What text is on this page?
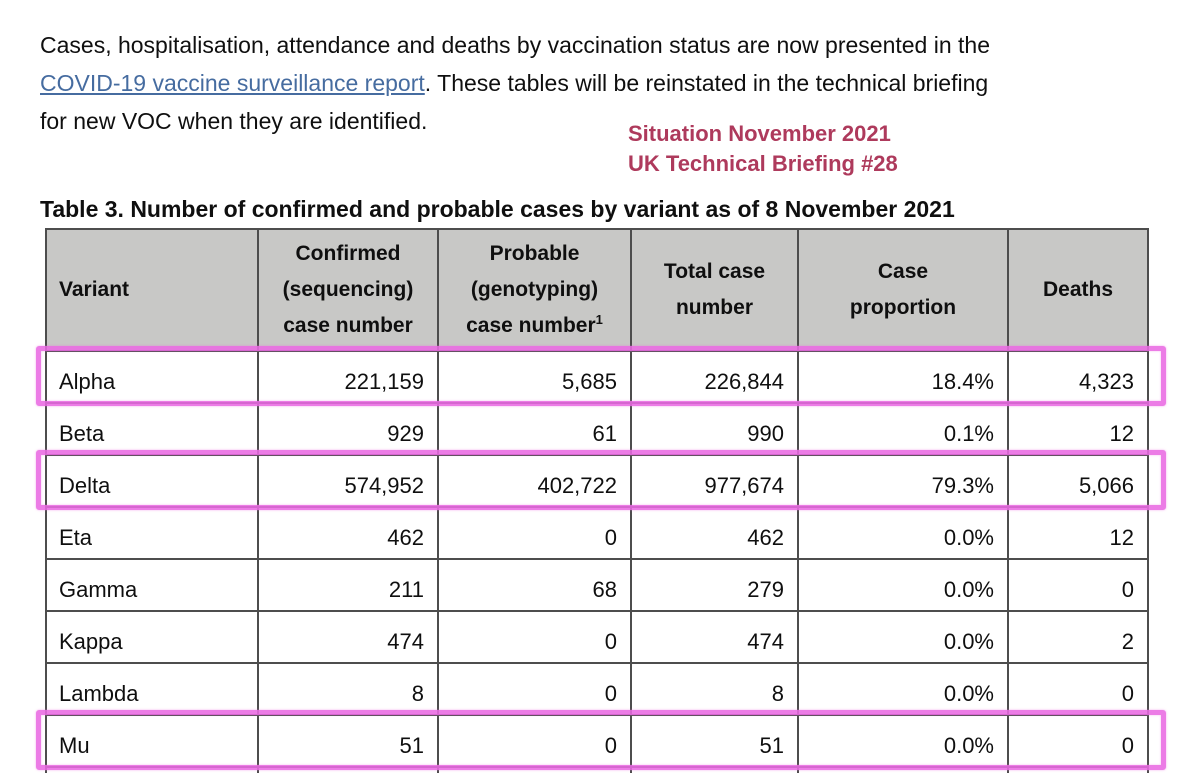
Cases, hospitalisation, attendance and deaths by vaccination status are now presented in the
COVID-19 vaccine surveillance report. These tables will be reinstated in the technical briefing
for new VOC when they are identified.	Situation November 2021
UK Technical Briefing #28
Table 3. Number of confirmed and probable cases by variant as of 8 November 2021
Variant

Confirmed
(sequencing)
case number

Probable
(genotyping)
case number$^1$

Total case
number

Case
proportion

Deaths

Alpha	221,159	5,685	226,844	18.4%	4,323
Beta	929	61	990	0.1%	12
Delta	574,952	402,722	977,674	79.3%	5,066
Eta	462	0	462	0.0%	12
Gamma	211	68	279	0.0%	0
Kappa	474	0	474	0.0%	2
Lambda	8	0	8	0.0%	0
Mu	51	0	51	0.0%	0
